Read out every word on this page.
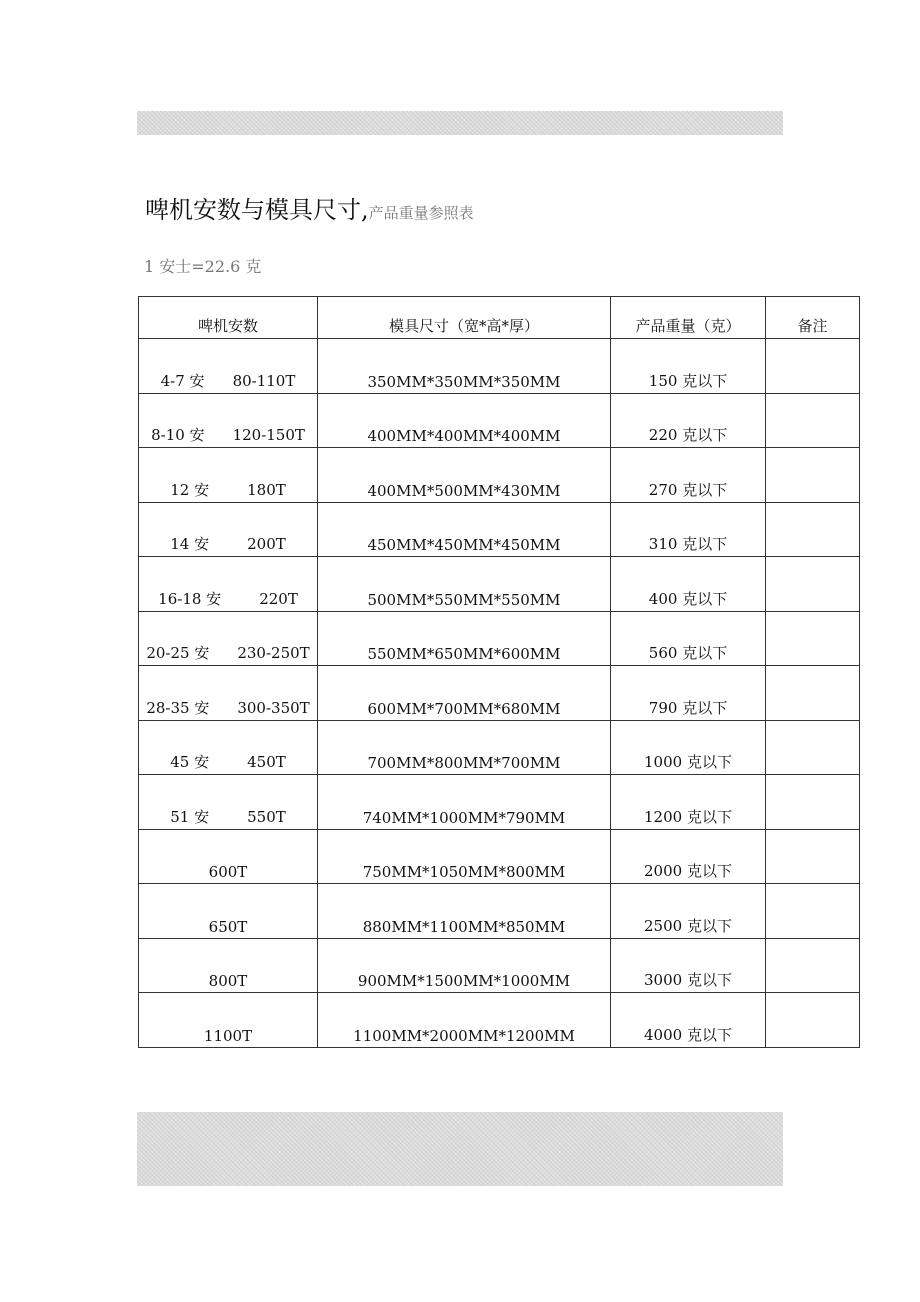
啤机安数与模具尺寸,产品重量参照表
1 安士=22.6 克
啤机安数	模具尺寸（宽*高*厚）	产品重量（克）	备注
4-7 安 80-110T	350MM*350MM*350MM	150 克以下	
8-10 安 120-150T	400MM*400MM*400MM	220 克以下	
12 安 180T	400MM*500MM*430MM	270 克以下	
14 安 200T	450MM*450MM*450MM	310 克以下	
16-18 安 220T	500MM*550MM*550MM	400 克以下	
20-25 安 230-250T	550MM*650MM*600MM	560 克以下	
28-35 安 300-350T	600MM*700MM*680MM	790 克以下	
45 安 450T	700MM*800MM*700MM	1000 克以下	
51 安 550T	740MM*1000MM*790MM	1200 克以下	
600T	750MM*1050MM*800MM	2000 克以下	
650T	880MM*1100MM*850MM	2500 克以下	
800T	900MM*1500MM*1000MM	3000 克以下	
1100T	1100MM*2000MM*1200MM	4000 克以下	
